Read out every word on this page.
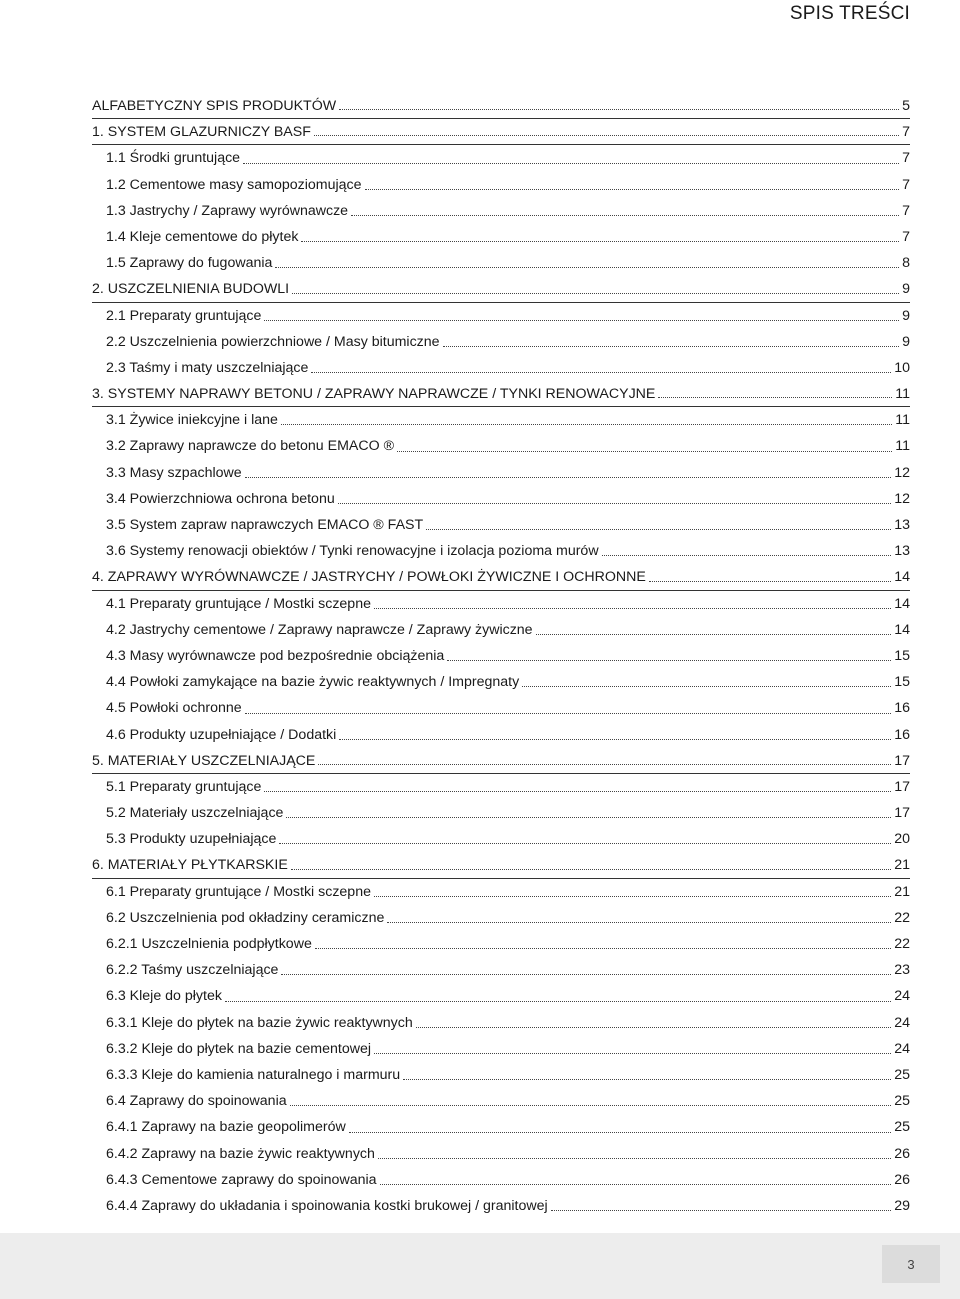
SPIS TREŚCI
ALFABETYCZNY SPIS PRODUKTÓW	5
1. SYSTEM GLAZURNICZY BASF	7
1.1 Środki gruntujące	7
1.2 Cementowe masy samopoziomujące	7
1.3 Jastrychy / Zaprawy wyrównawcze	7
1.4 Kleje cementowe do płytek	7
1.5 Zaprawy do fugowania	8
2. USZCZELNIENIA BUDOWLI	9
2.1 Preparaty gruntujące	9
2.2 Uszczelnienia powierzchniowe / Masy bitumiczne	9
2.3 Taśmy i maty uszczelniające	10
3. SYSTEMY NAPRAWY BETONU / ZAPRAWY NAPRAWCZE / TYNKI RENOWACYJNE	11
3.1 Żywice iniekcyjne i lane	11
3.2 Zaprawy naprawcze do betonu EMACO ®	11
3.3 Masy szpachlowe	12
3.4 Powierzchniowa ochrona betonu	12
3.5 System zapraw naprawczych EMACO ® FAST	13
3.6 Systemy renowacji obiektów / Tynki renowacyjne i izolacja pozioma murów	13
4. ZAPRAWY WYRÓWNAWCZE / JASTRYCHY / POWŁOKI ŻYWICZNE I OCHRONNE	14
4.1 Preparaty gruntujące / Mostki sczepne	14
4.2 Jastrychy cementowe / Zaprawy naprawcze / Zaprawy żywiczne	14
4.3 Masy wyrównawcze pod bezpośrednie obciążenia	15
4.4 Powłoki zamykające na bazie żywic reaktywnych / Impregnaty	15
4.5 Powłoki ochronne	16
4.6 Produkty uzupełniające / Dodatki	16
5. MATERIAŁY USZCZELNIAJĄCE	17
5.1 Preparaty gruntujące	17
5.2 Materiały uszczelniające	17
5.3 Produkty uzupełniające	20
6. MATERIAŁY PŁYTKARSKIE	21
6.1 Preparaty gruntujące / Mostki sczepne	21
6.2 Uszczelnienia pod okładziny ceramiczne	22
6.2.1 Uszczelnienia podpłytkowe	22
6.2.2 Taśmy uszczelniające	23
6.3 Kleje do płytek	24
6.3.1 Kleje do płytek na bazie żywic reaktywnych	24
6.3.2 Kleje do płytek na bazie cementowej	24
6.3.3 Kleje do kamienia naturalnego i marmuru	25
6.4 Zaprawy do spoinowania	25
6.4.1 Zaprawy na bazie geopolimerów	25
6.4.2 Zaprawy na bazie żywic reaktywnych	26
6.4.3 Cementowe zaprawy do spoinowania	26
6.4.4 Zaprawy do układania i spoinowania kostki brukowej / granitowej	29
3
